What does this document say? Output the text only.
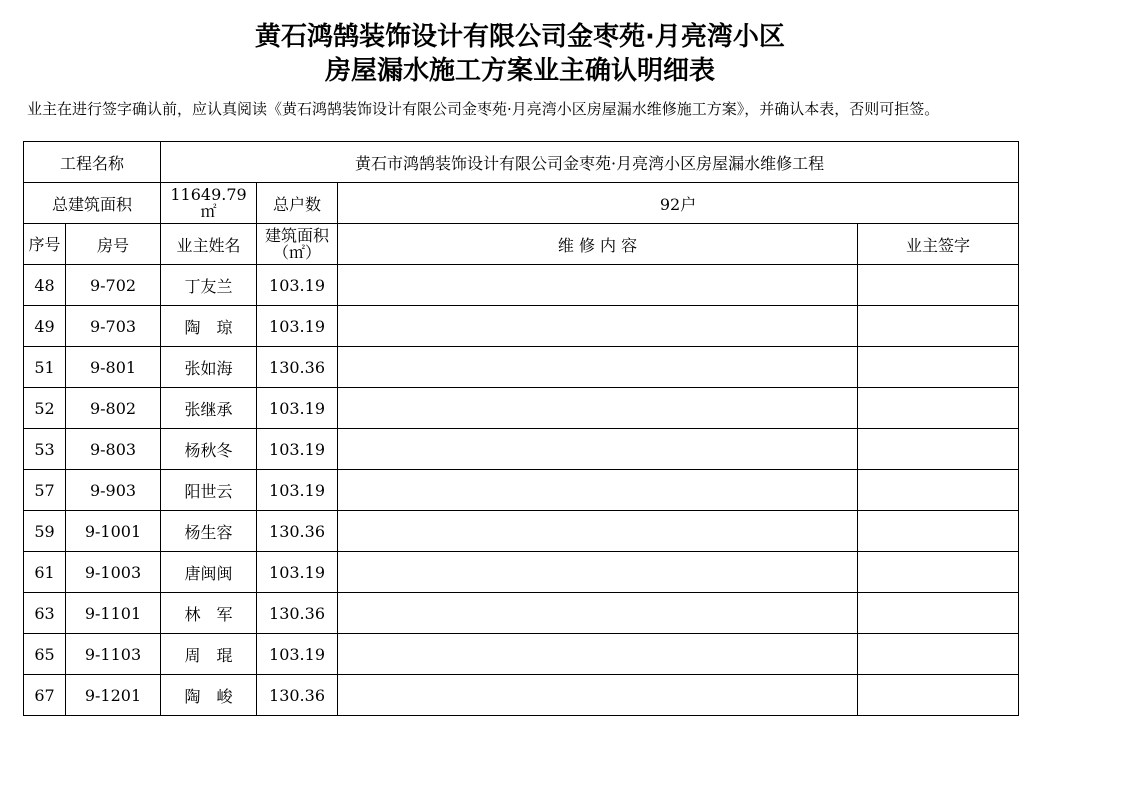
黄石鸿鹄装饰设计有限公司金枣苑·月亮湾小区
房屋漏水施工方案业主确认明细表
业主在进行签字确认前，应认真阅读《黄石鸿鹄装饰设计有限公司金枣苑·月亮湾小区房屋漏水维修施工方案》，并确认本表，否则可拒签。
工程名称		黄石市鸿鹄装饰设计有限公司金枣苑·月亮湾小区房屋漏水维修工程			
总建筑面积		11649.79 ㎡	总户数	92户	
序号	房号	业主姓名	建筑面积（㎡）	维 修 内 容	业主签字
48	9-702	丁友兰	103.19		
49	9-703	陶　琼	103.19		
51	9-801	张如海	130.36		
52	9-802	张继承	103.19		
53	9-803	杨秋冬	103.19		
57	9-903	阳世云	103.19		
59	9-1001	杨生容	130.36		
61	9-1003	唐闽闽	103.19		
63	9-1101	林　军	130.36		
65	9-1103	周　琨	103.19		
67	9-1201	陶　峻	130.36		
